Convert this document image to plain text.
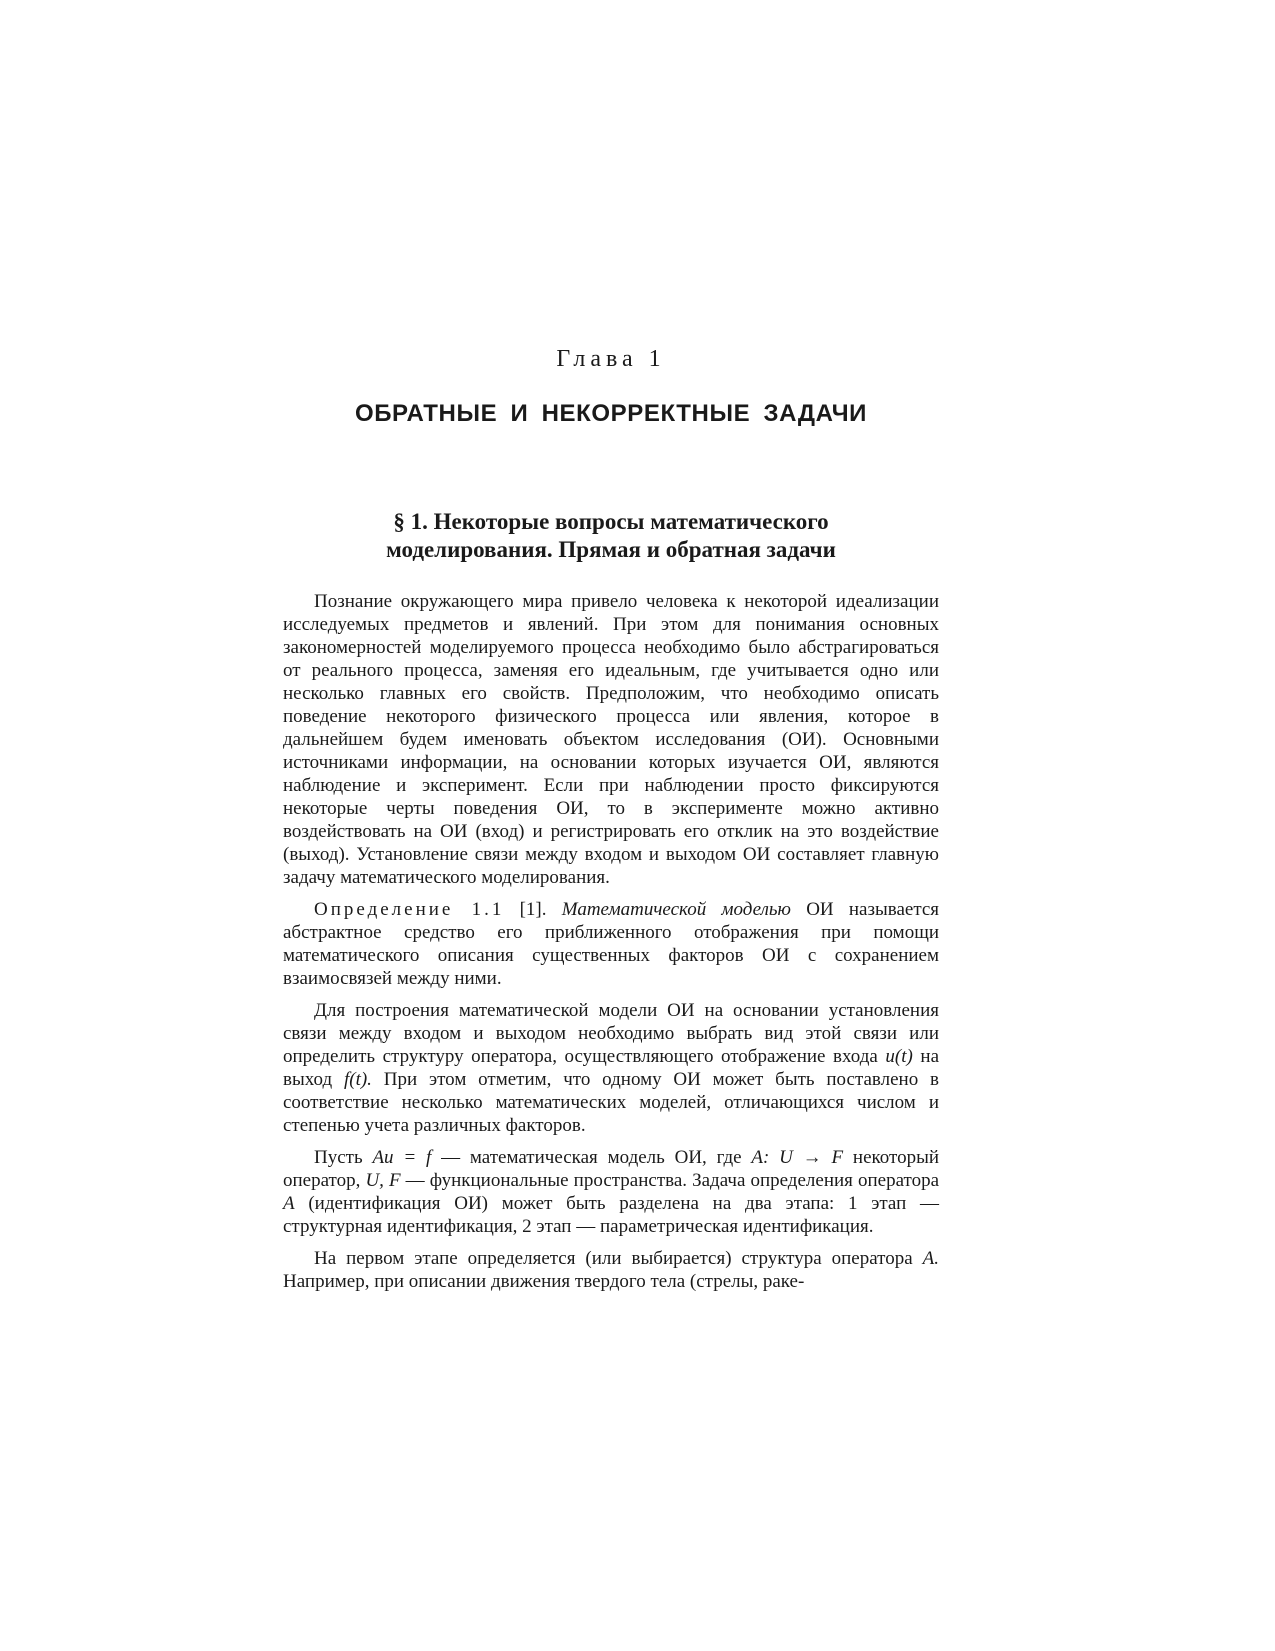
Глава 1
ОБРАТНЫЕ И НЕКОРРЕКТНЫЕ ЗАДАЧИ
§ 1. Некоторые вопросы математического
моделирования. Прямая и обратная задачи

Познание окружающего мира привело человека к некоторой идеализации исследуемых предметов и явлений. При этом для понимания основных закономерностей моделируемого процесса необходимо было абстрагироваться от реального процесса, заменяя его идеальным, где учитывается одно или несколько главных его свойств. Предположим, что необходимо описать поведение некоторого физического процесса или явления, которое в дальнейшем будем именовать объектом исследования (ОИ). Основными источниками информации, на основании которых изучается ОИ, являются наблюдение и эксперимент. Если при наблюдении просто фиксируются некоторые черты поведения ОИ, то в эксперименте можно активно воздействовать на ОИ (вход) и регистрировать его отклик на это воздействие (выход). Установление связи между входом и выходом ОИ составляет главную задачу математического моделирования.

Определение 1.1 [1]. Математической моделью ОИ называется абстрактное средство его приближенного отображения при помощи математического описания существенных факторов ОИ с сохранением взаимосвязей между ними.

Для построения математической модели ОИ на основании установления связи между входом и выходом необходимо выбрать вид этой связи или определить структуру оператора, осуществляющего отображение входа u(t) на выход f(t). При этом отметим, что одному ОИ может быть поставлено в соответствие несколько математических моделей, отличающихся числом и степенью учета различных факторов.

Пусть Au = f — математическая модель ОИ, где A: U → F некоторый оператор, U, F — функциональные пространства. Задача определения оператора A (идентификация ОИ) может быть разделена на два этапа: 1 этап — структурная идентификация, 2 этап — параметрическая идентификация.

На первом этапе определяется (или выбирается) структура оператора A. Например, при описании движения твердого тела (стрелы, раке-
